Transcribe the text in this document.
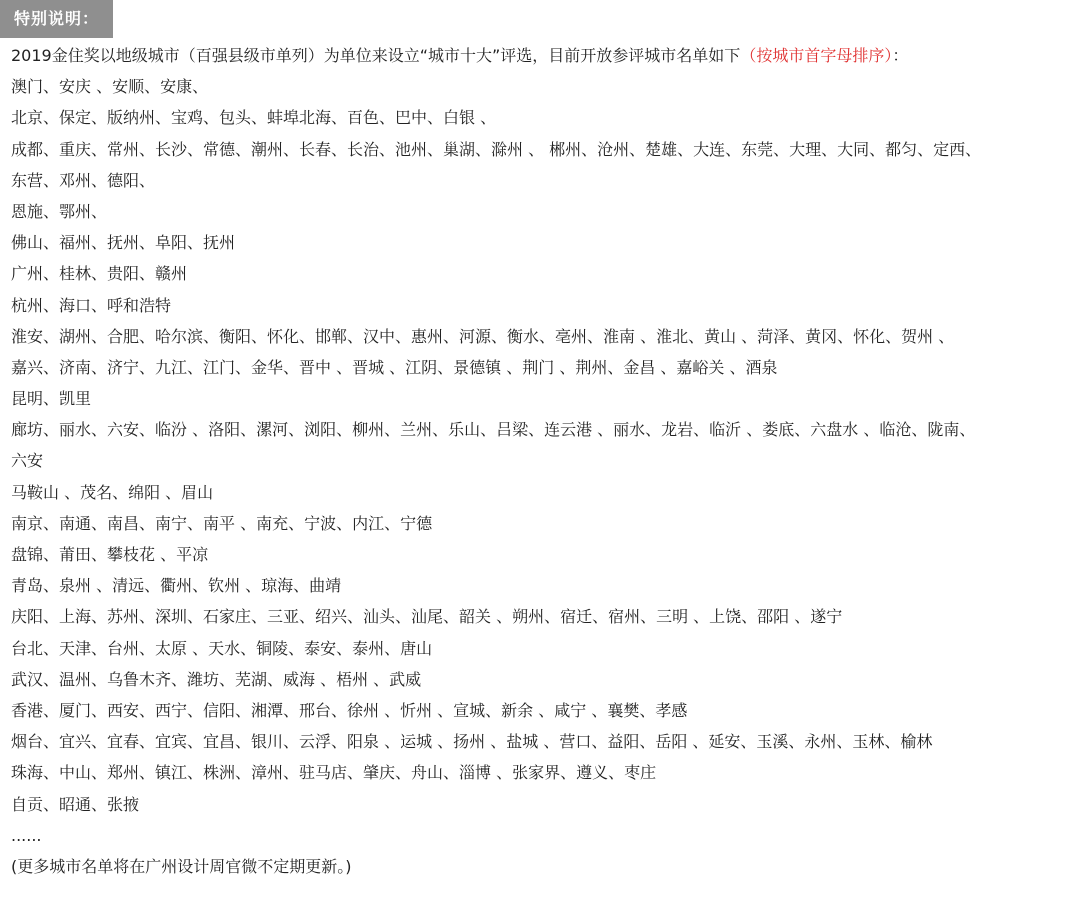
特别说明：
2019金住奖以地级城市（百强县级市单列）为单位来设立“城市十大”评选，目前开放参评城市名单如下（按城市首字母排序）：
澳门、安庆 、安顺、安康、
北京、保定、版纳州、宝鸡、包头、蚌埠北海、百色、巴中、白银 、
成都、重庆、常州、长沙、常德、潮州、长春、长治、池州、巢湖、滁州 、 郴州、沧州、楚雄、大连、东莞、大理、大同、都匀、定西、
东营、邓州、德阳、
恩施、鄂州、
佛山、福州、抚州、阜阳、抚州
广州、桂林、贵阳、赣州
杭州、海口、呼和浩特
淮安、湖州、合肥、哈尔滨、衡阳、怀化、邯郸、汉中、惠州、河源、衡水、亳州、淮南 、淮北、黄山 、菏泽、黄冈、怀化、贺州 、
嘉兴、济南、济宁、九江、江门、金华、晋中 、晋城 、江阴、景德镇 、荆门 、荆州、金昌 、嘉峪关 、酒泉
昆明、凯里
廊坊、丽水、六安、临汾 、洛阳、漯河、浏阳、柳州、兰州、乐山、吕梁、连云港 、丽水、龙岩、临沂 、娄底、六盘水 、临沧、陇南、
六安
马鞍山 、茂名、绵阳 、眉山
南京、南通、南昌、南宁、南平 、南充、宁波、内江、宁德
盘锦、莆田、攀枝花 、平凉
青岛、泉州 、清远、衢州、钦州 、琼海、曲靖
庆阳、上海、苏州、深圳、石家庄、三亚、绍兴、汕头、汕尾、韶关 、朔州、宿迁、宿州、三明 、上饶、邵阳 、遂宁
台北、天津、台州、太原 、天水、铜陵、泰安、泰州、唐山
武汉、温州、乌鲁木齐、潍坊、芜湖、威海 、梧州 、武威
香港、厦门、西安、西宁、信阳、湘潭、邢台、徐州 、忻州 、宣城、新余 、咸宁 、襄樊、孝感
烟台、宜兴、宜春、宜宾、宜昌、银川、云浮、阳泉 、运城 、扬州 、盐城 、营口、益阳、岳阳 、延安、玉溪、永州、玉林、榆林
珠海、中山、郑州、镇江、株洲、漳州、驻马店、肇庆、舟山、淄博 、张家界、遵义、枣庄
自贡、昭通、张掖
......
(更多城市名单将在广州设计周官微不定期更新。)
